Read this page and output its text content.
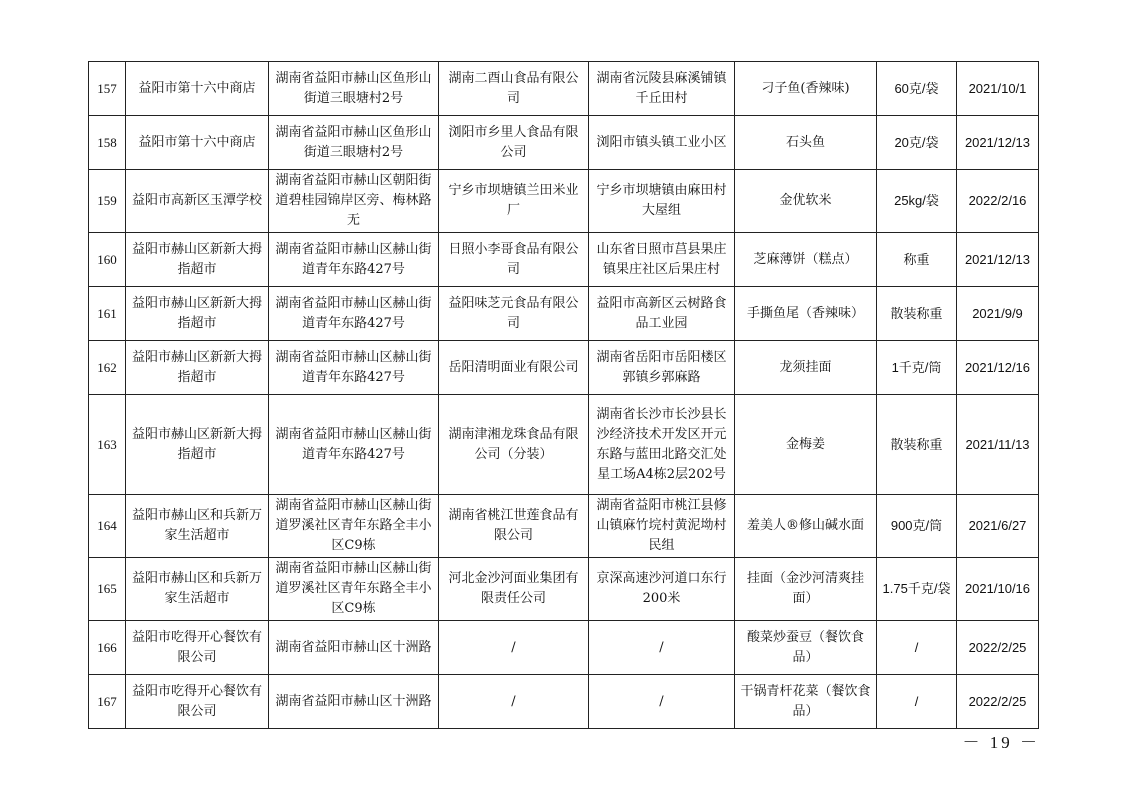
157	益阳市第十六中商店	湖南省益阳市赫山区鱼形山街道三眼塘村2号	湖南二酉山食品有限公司	湖南省沅陵县麻溪铺镇千丘田村	刁子鱼(香辣味)	60克/袋	2021/10/1
158	益阳市第十六中商店	湖南省益阳市赫山区鱼形山街道三眼塘村2号	浏阳市乡里人食品有限公司	浏阳市镇头镇工业小区	石头鱼	20克/袋	2021/12/13
159	益阳市高新区玉潭学校	湖南省益阳市赫山区朝阳街道碧桂园锦岸区旁、梅林路无	宁乡市坝塘镇兰田米业厂	宁乡市坝塘镇由麻田村大屋组	金优软米	25kg/袋	2022/2/16
160	益阳市赫山区新新大拇指超市	湖南省益阳市赫山区赫山街道青年东路427号	日照小李哥食品有限公司	山东省日照市莒县果庄镇果庄社区后果庄村	芝麻薄饼（糕点）	称重	2021/12/13
161	益阳市赫山区新新大拇指超市	湖南省益阳市赫山区赫山街道青年东路427号	益阳味芝元食品有限公司	益阳市高新区云树路食品工业园	手撕鱼尾（香辣味）	散装称重	2021/9/9
162	益阳市赫山区新新大拇指超市	湖南省益阳市赫山区赫山街道青年东路427号	岳阳清明面业有限公司	湖南省岳阳市岳阳楼区郭镇乡郭麻路	龙须挂面	1千克/筒	2021/12/16
163	益阳市赫山区新新大拇指超市	湖南省益阳市赫山区赫山街道青年东路427号	湖南津湘龙珠食品有限公司（分装）	湖南省长沙市长沙县长沙经济技术开发区开元东路与蓝田北路交汇处星工场A4栋2层202号	金梅姜	散装称重	2021/11/13
164	益阳市赫山区和兵新万家生活超市	湖南省益阳市赫山区赫山街道罗溪社区青年东路全丰小区C9栋	湖南省桃江世莲食品有限公司	湖南省益阳市桃江县修山镇麻竹垸村黄泥坳村民组	羞美人®修山碱水面	900克/筒	2021/6/27
165	益阳市赫山区和兵新万家生活超市	湖南省益阳市赫山区赫山街道罗溪社区青年东路全丰小区C9栋	河北金沙河面业集团有限责任公司	京深高速沙河道口东行200米	挂面（金沙河清爽挂面）	1.75千克/袋	2021/10/16
166	益阳市吃得开心餐饮有限公司	湖南省益阳市赫山区十洲路	/	/	酸菜炒蚕豆（餐饮食品）	/	2022/2/25
167	益阳市吃得开心餐饮有限公司	湖南省益阳市赫山区十洲路	/	/	干锅青杆花菜（餐饮食品）	/	2022/2/25
－ 19 －
